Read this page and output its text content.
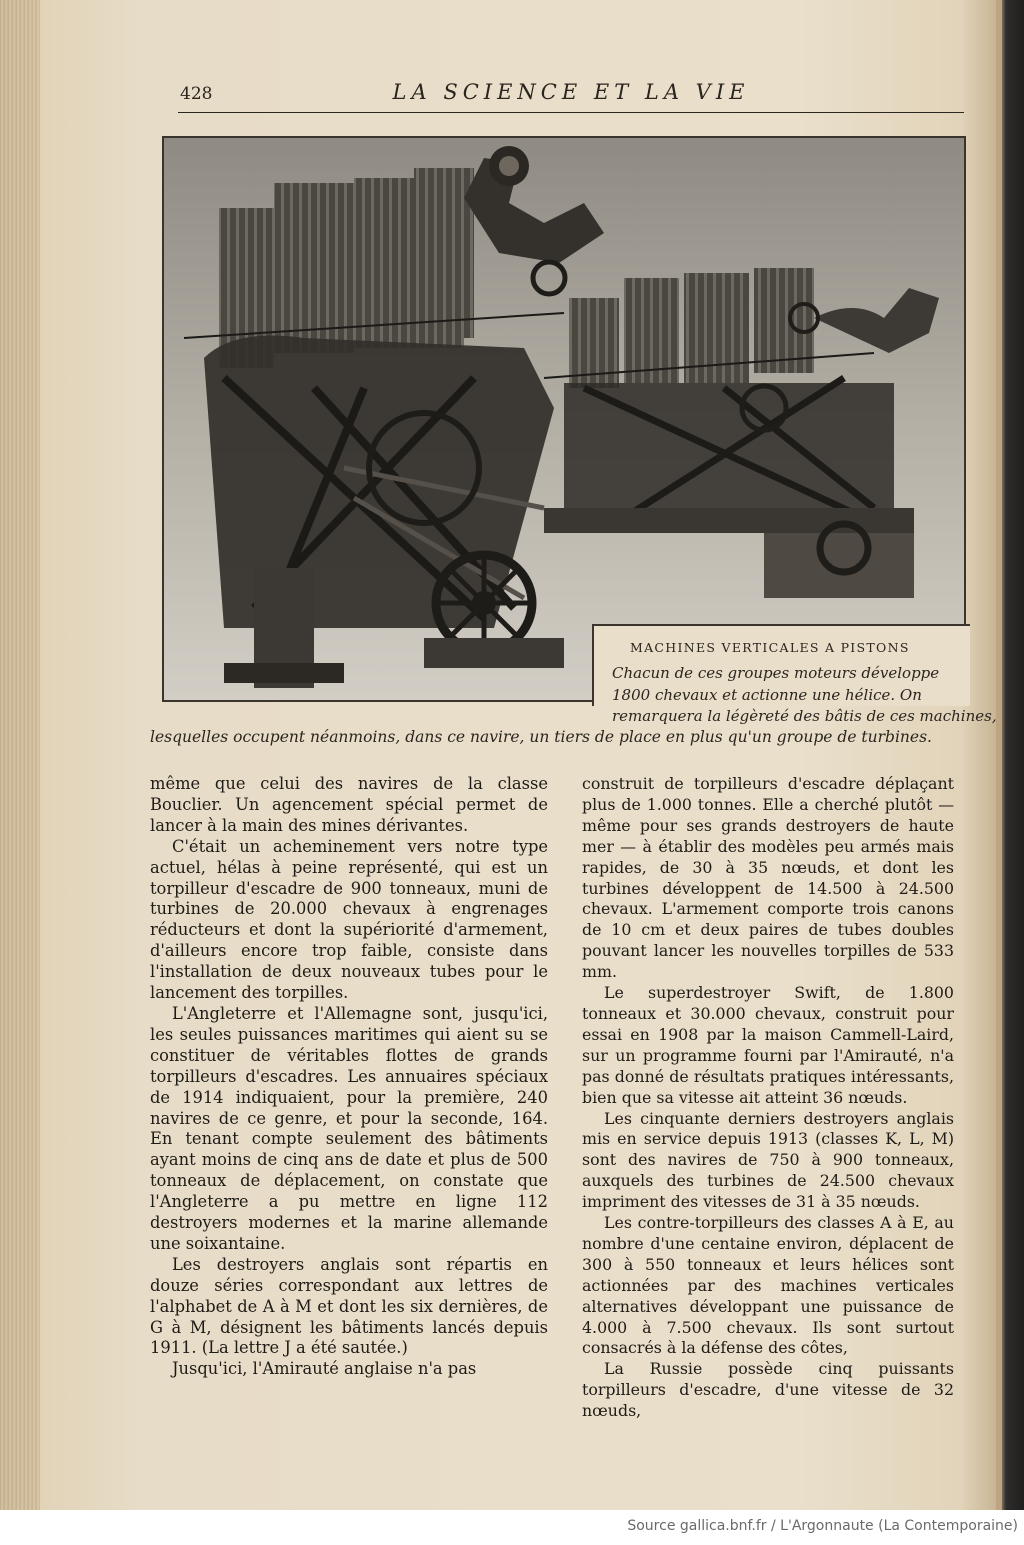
428	LA SCIENCE ET LA VIE
MACHINES VERTICALES A PISTONS
Chacun de ces groupes moteurs développe
1800 chevaux et actionne une hélice. On
remarquera la légèreté des bâtis de ces machines,
lesquelles occupent néanmoins, dans ce navire, un tiers de place en plus qu'un groupe de turbines.

même que celui des navires de la classe Bouclier. Un agencement spécial permet de lancer à la main des mines dérivantes.

C'était un acheminement vers notre type actuel, hélas à peine représenté, qui est un torpilleur d'escadre de 900 tonneaux, muni de turbines de 20.000 chevaux à engrenages réducteurs et dont la supériorité d'armement, d'ailleurs encore trop faible, consiste dans l'installation de deux nouveaux tubes pour le lancement des torpilles.

L'Angleterre et l'Allemagne sont, jusqu'ici, les seules puissances maritimes qui aient su se constituer de véritables flottes de grands torpilleurs d'escadres. Les annuaires spéciaux de 1914 indiquaient, pour la première, 240 navires de ce genre, et pour la seconde, 164. En tenant compte seulement des bâtiments ayant moins de cinq ans de date et plus de 500 tonneaux de déplacement, on constate que l'Angleterre a pu mettre en ligne 112 destroyers modernes et la marine allemande une soixantaine.

Les destroyers anglais sont répartis en douze séries correspondant aux lettres de l'alphabet de A à M et dont les six dernières, de G à M, désignent les bâtiments lancés depuis 1911. (La lettre J a été sautée.)

Jusqu'ici, l'Amirauté anglaise n'a pas

construit de torpilleurs d'escadre déplaçant plus de 1.000 tonnes. Elle a cherché plutôt — même pour ses grands destroyers de haute mer — à établir des modèles peu armés mais rapides, de 30 à 35 nœuds, et dont les turbines développent de 14.500 à 24.500 chevaux. L'armement comporte trois canons de 10 cm et deux paires de tubes doubles pouvant lancer les nouvelles torpilles de 533 mm.

Le superdestroyer Swift, de 1.800 tonneaux et 30.000 chevaux, construit pour essai en 1908 par la maison Cammell-Laird, sur un programme fourni par l'Amirauté, n'a pas donné de résultats pratiques intéressants, bien que sa vitesse ait atteint 36 nœuds.

Les cinquante derniers destroyers anglais mis en service depuis 1913 (classes K, L, M) sont des navires de 750 à 900 tonneaux, auxquels des turbines de 24.500 chevaux impriment des vitesses de 31 à 35 nœuds.

Les contre-torpilleurs des classes A à E, au nombre d'une centaine environ, déplacent de 300 à 550 tonneaux et leurs hélices sont actionnées par des machines verticales alternatives développant une puissance de 4.000 à 7.500 chevaux. Ils sont surtout consacrés à la défense des côtes,

La Russie possède cinq puissants torpilleurs d'escadre, d'une vitesse de 32 nœuds,

Source gallica.bnf.fr / L'Argonnaute (La Contemporaine)
